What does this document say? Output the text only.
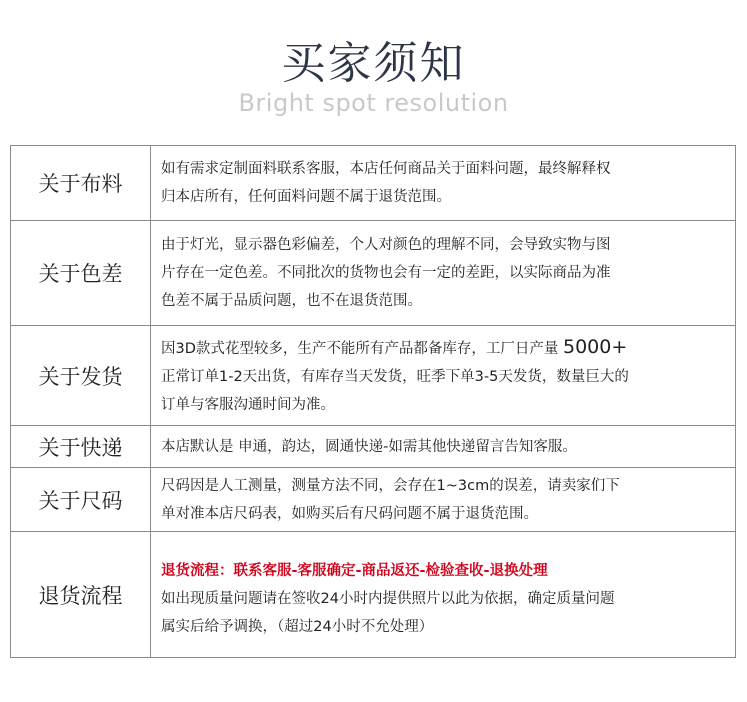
买家须知
Bright spot resolution
关于布料	如有需求定制面料联系客服，本店任何商品关于面料问题，最终解释权
归本店所有，任何面料问题不属于退货范围。

关于色差	由于灯光，显示器色彩偏差，个人对颜色的理解不同，会导致实物与图
片存在一定色差。不同批次的货物也会有一定的差距，以实际商品为准
色差不属于品质问题，也不在退货范围。

关于发货	因3D款式花型较多，生产不能所有产品都备库存，工厂日产量 5000+
正常订单1-2天出货，有库存当天发货，旺季下单3-5天发货，数量巨大的
订单与客服沟通时间为准。

关于快递	本店默认是 申通，韵达，圆通快递-如需其他快递留言告知客服。

关于尺码	尺码因是人工测量，测量方法不同，会存在1~3cm的误差，请卖家们下
单对准本店尺码表，如购买后有尺码问题不属于退货范围。

退货流程	退货流程：联系客服-客服确定-商品返还-检验查收-退换处理
如出现质量问题请在签收24小时内提供照片以此为依据，确定质量问题
属实后给予调换，（超过24小时不允处理）
